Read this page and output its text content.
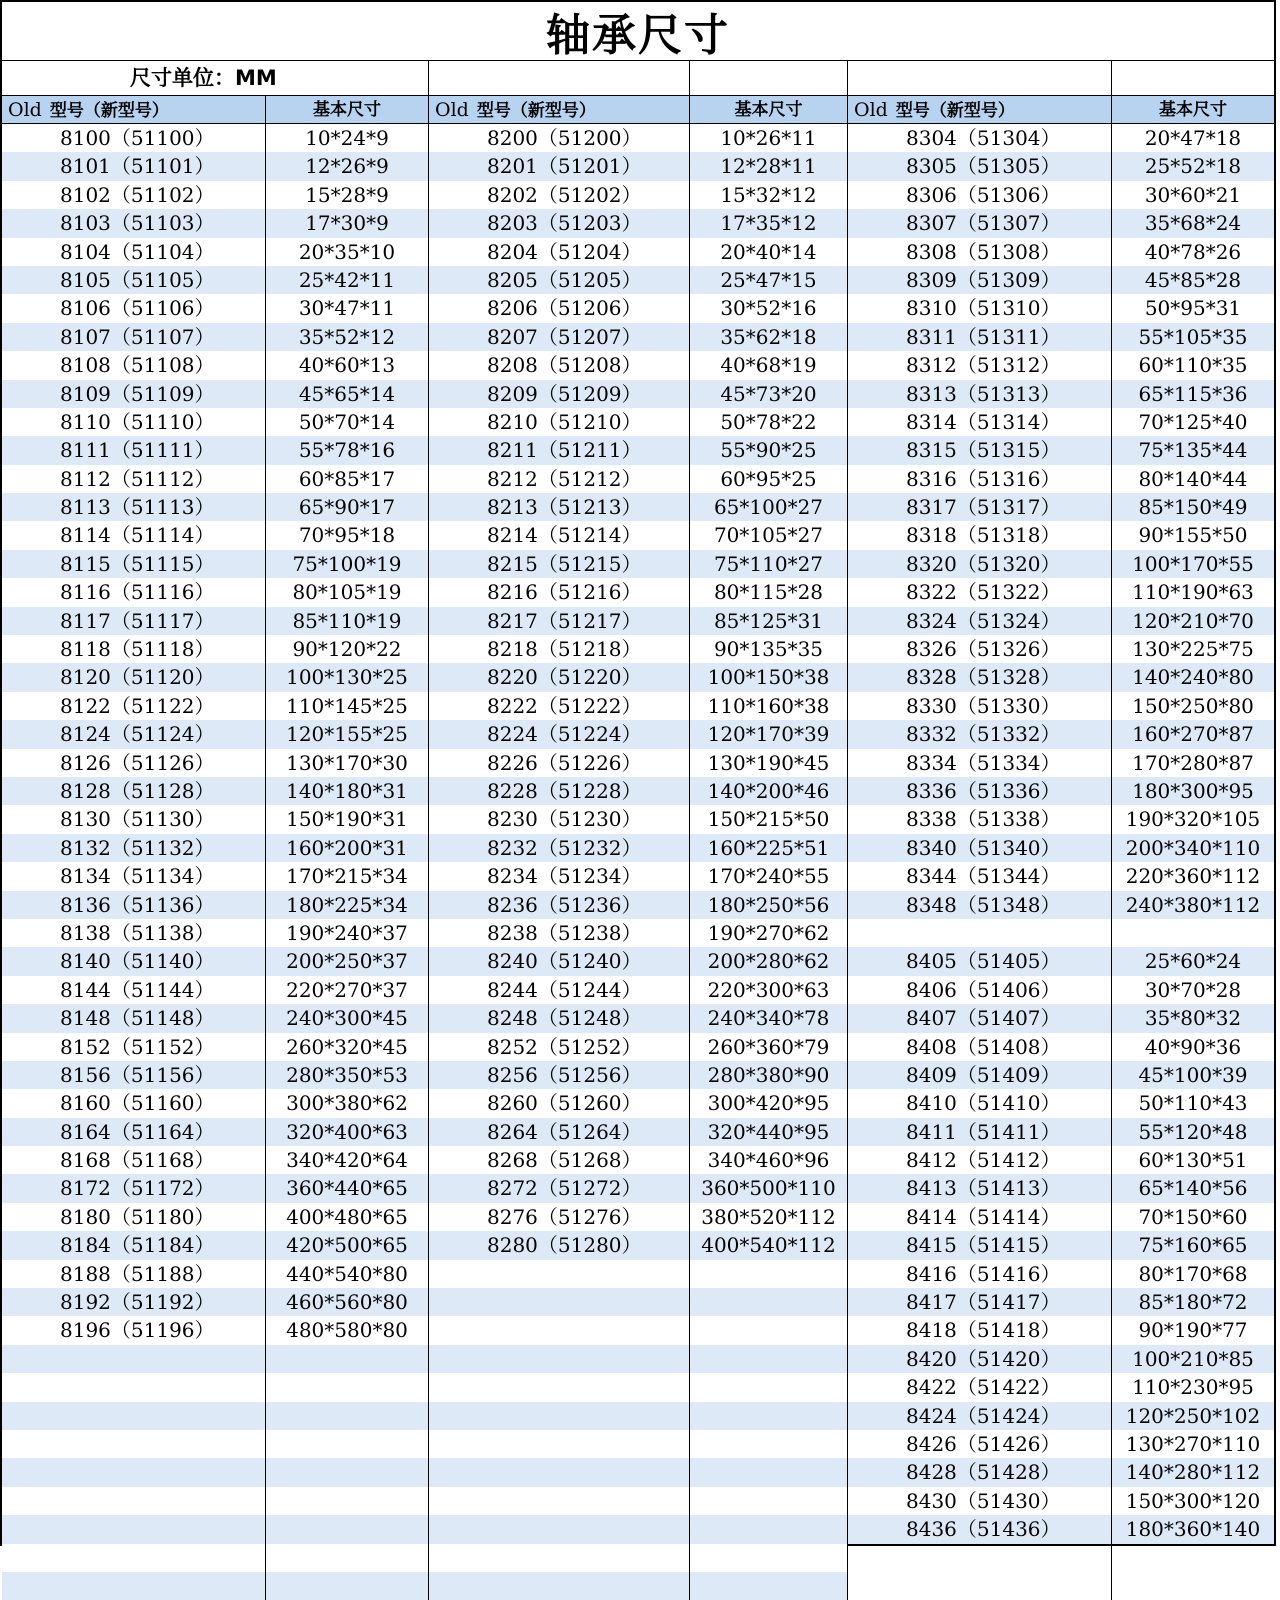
轴承尺寸
尺寸单位：MM
Old 型号（新型号）
8100（51100）
8101（51101）
8102（51102）
8103（51103）
8104（51104）
8105（51105）
8106（51106）
8107（51107）
8108（51108）
8109（51109）
8110（51110）
8111（51111）
8112（51112）
8113（51113）
8114（51114）
8115（51115）
8116（51116）
8117（51117）
8118（51118）
8120（51120）
8122（51122）
8124（51124）
8126（51126）
8128（51128）
8130（51130）
8132（51132）
8134（51134）
8136（51136）
8138（51138）
8140（51140）
8144（51144）
8148（51148）
8152（51152）
8156（51156）
8160（51160）
8164（51164）
8168（51168）
8172（51172）
8180（51180）
8184（51184）
8188（51188）
8192（51192）
8196（51196）
基本尺寸
10*24*9
12*26*9
15*28*9
17*30*9
20*35*10
25*42*11
30*47*11
35*52*12
40*60*13
45*65*14
50*70*14
55*78*16
60*85*17
65*90*17
70*95*18
75*100*19
80*105*19
85*110*19
90*120*22
100*130*25
110*145*25
120*155*25
130*170*30
140*180*31
150*190*31
160*200*31
170*215*34
180*225*34
190*240*37
200*250*37
220*270*37
240*300*45
260*320*45
280*350*53
300*380*62
320*400*63
340*420*64
360*440*65
400*480*65
420*500*65
440*540*80
460*560*80
480*580*80
Old 型号（新型号）
8200（51200）
8201（51201）
8202（51202）
8203（51203）
8204（51204）
8205（51205）
8206（51206）
8207（51207）
8208（51208）
8209（51209）
8210（51210）
8211（51211）
8212（51212）
8213（51213）
8214（51214）
8215（51215）
8216（51216）
8217（51217）
8218（51218）
8220（51220）
8222（51222）
8224（51224）
8226（51226）
8228（51228）
8230（51230）
8232（51232）
8234（51234）
8236（51236）
8238（51238）
8240（51240）
8244（51244）
8248（51248）
8252（51252）
8256（51256）
8260（51260）
8264（51264）
8268（51268）
8272（51272）
8276（51276）
8280（51280）
基本尺寸
10*26*11
12*28*11
15*32*12
17*35*12
20*40*14
25*47*15
30*52*16
35*62*18
40*68*19
45*73*20
50*78*22
55*90*25
60*95*25
65*100*27
70*105*27
75*110*27
80*115*28
85*125*31
90*135*35
100*150*38
110*160*38
120*170*39
130*190*45
140*200*46
150*215*50
160*225*51
170*240*55
180*250*56
190*270*62
200*280*62
220*300*63
240*340*78
260*360*79
280*380*90
300*420*95
320*440*95
340*460*96
360*500*110
380*520*112
400*540*112
Old 型号（新型号）
8304（51304）
8305（51305）
8306（51306）
8307（51307）
8308（51308）
8309（51309）
8310（51310）
8311（51311）
8312（51312）
8313（51313）
8314（51314）
8315（51315）
8316（51316）
8317（51317）
8318（51318）
8320（51320）
8322（51322）
8324（51324）
8326（51326）
8328（51328）
8330（51330）
8332（51332）
8334（51334）
8336（51336）
8338（51338）
8340（51340）
8344（51344）
8348（51348）
8405（51405）
8406（51406）
8407（51407）
8408（51408）
8409（51409）
8410（51410）
8411（51411）
8412（51412）
8413（51413）
8414（51414）
8415（51415）
8416（51416）
8417（51417）
8418（51418）
8420（51420）
8422（51422）
8424（51424）
8426（51426）
8428（51428）
8430（51430）
8436（51436）
基本尺寸
20*47*18
25*52*18
30*60*21
35*68*24
40*78*26
45*85*28
50*95*31
55*105*35
60*110*35
65*115*36
70*125*40
75*135*44
80*140*44
85*150*49
90*155*50
100*170*55
110*190*63
120*210*70
130*225*75
140*240*80
150*250*80
160*270*87
170*280*87
180*300*95
190*320*105
200*340*110
220*360*112
240*380*112
25*60*24
30*70*28
35*80*32
40*90*36
45*100*39
50*110*43
55*120*48
60*130*51
65*140*56
70*150*60
75*160*65
80*170*68
85*180*72
90*190*77
100*210*85
110*230*95
120*250*102
130*270*110
140*280*112
150*300*120
180*360*140
